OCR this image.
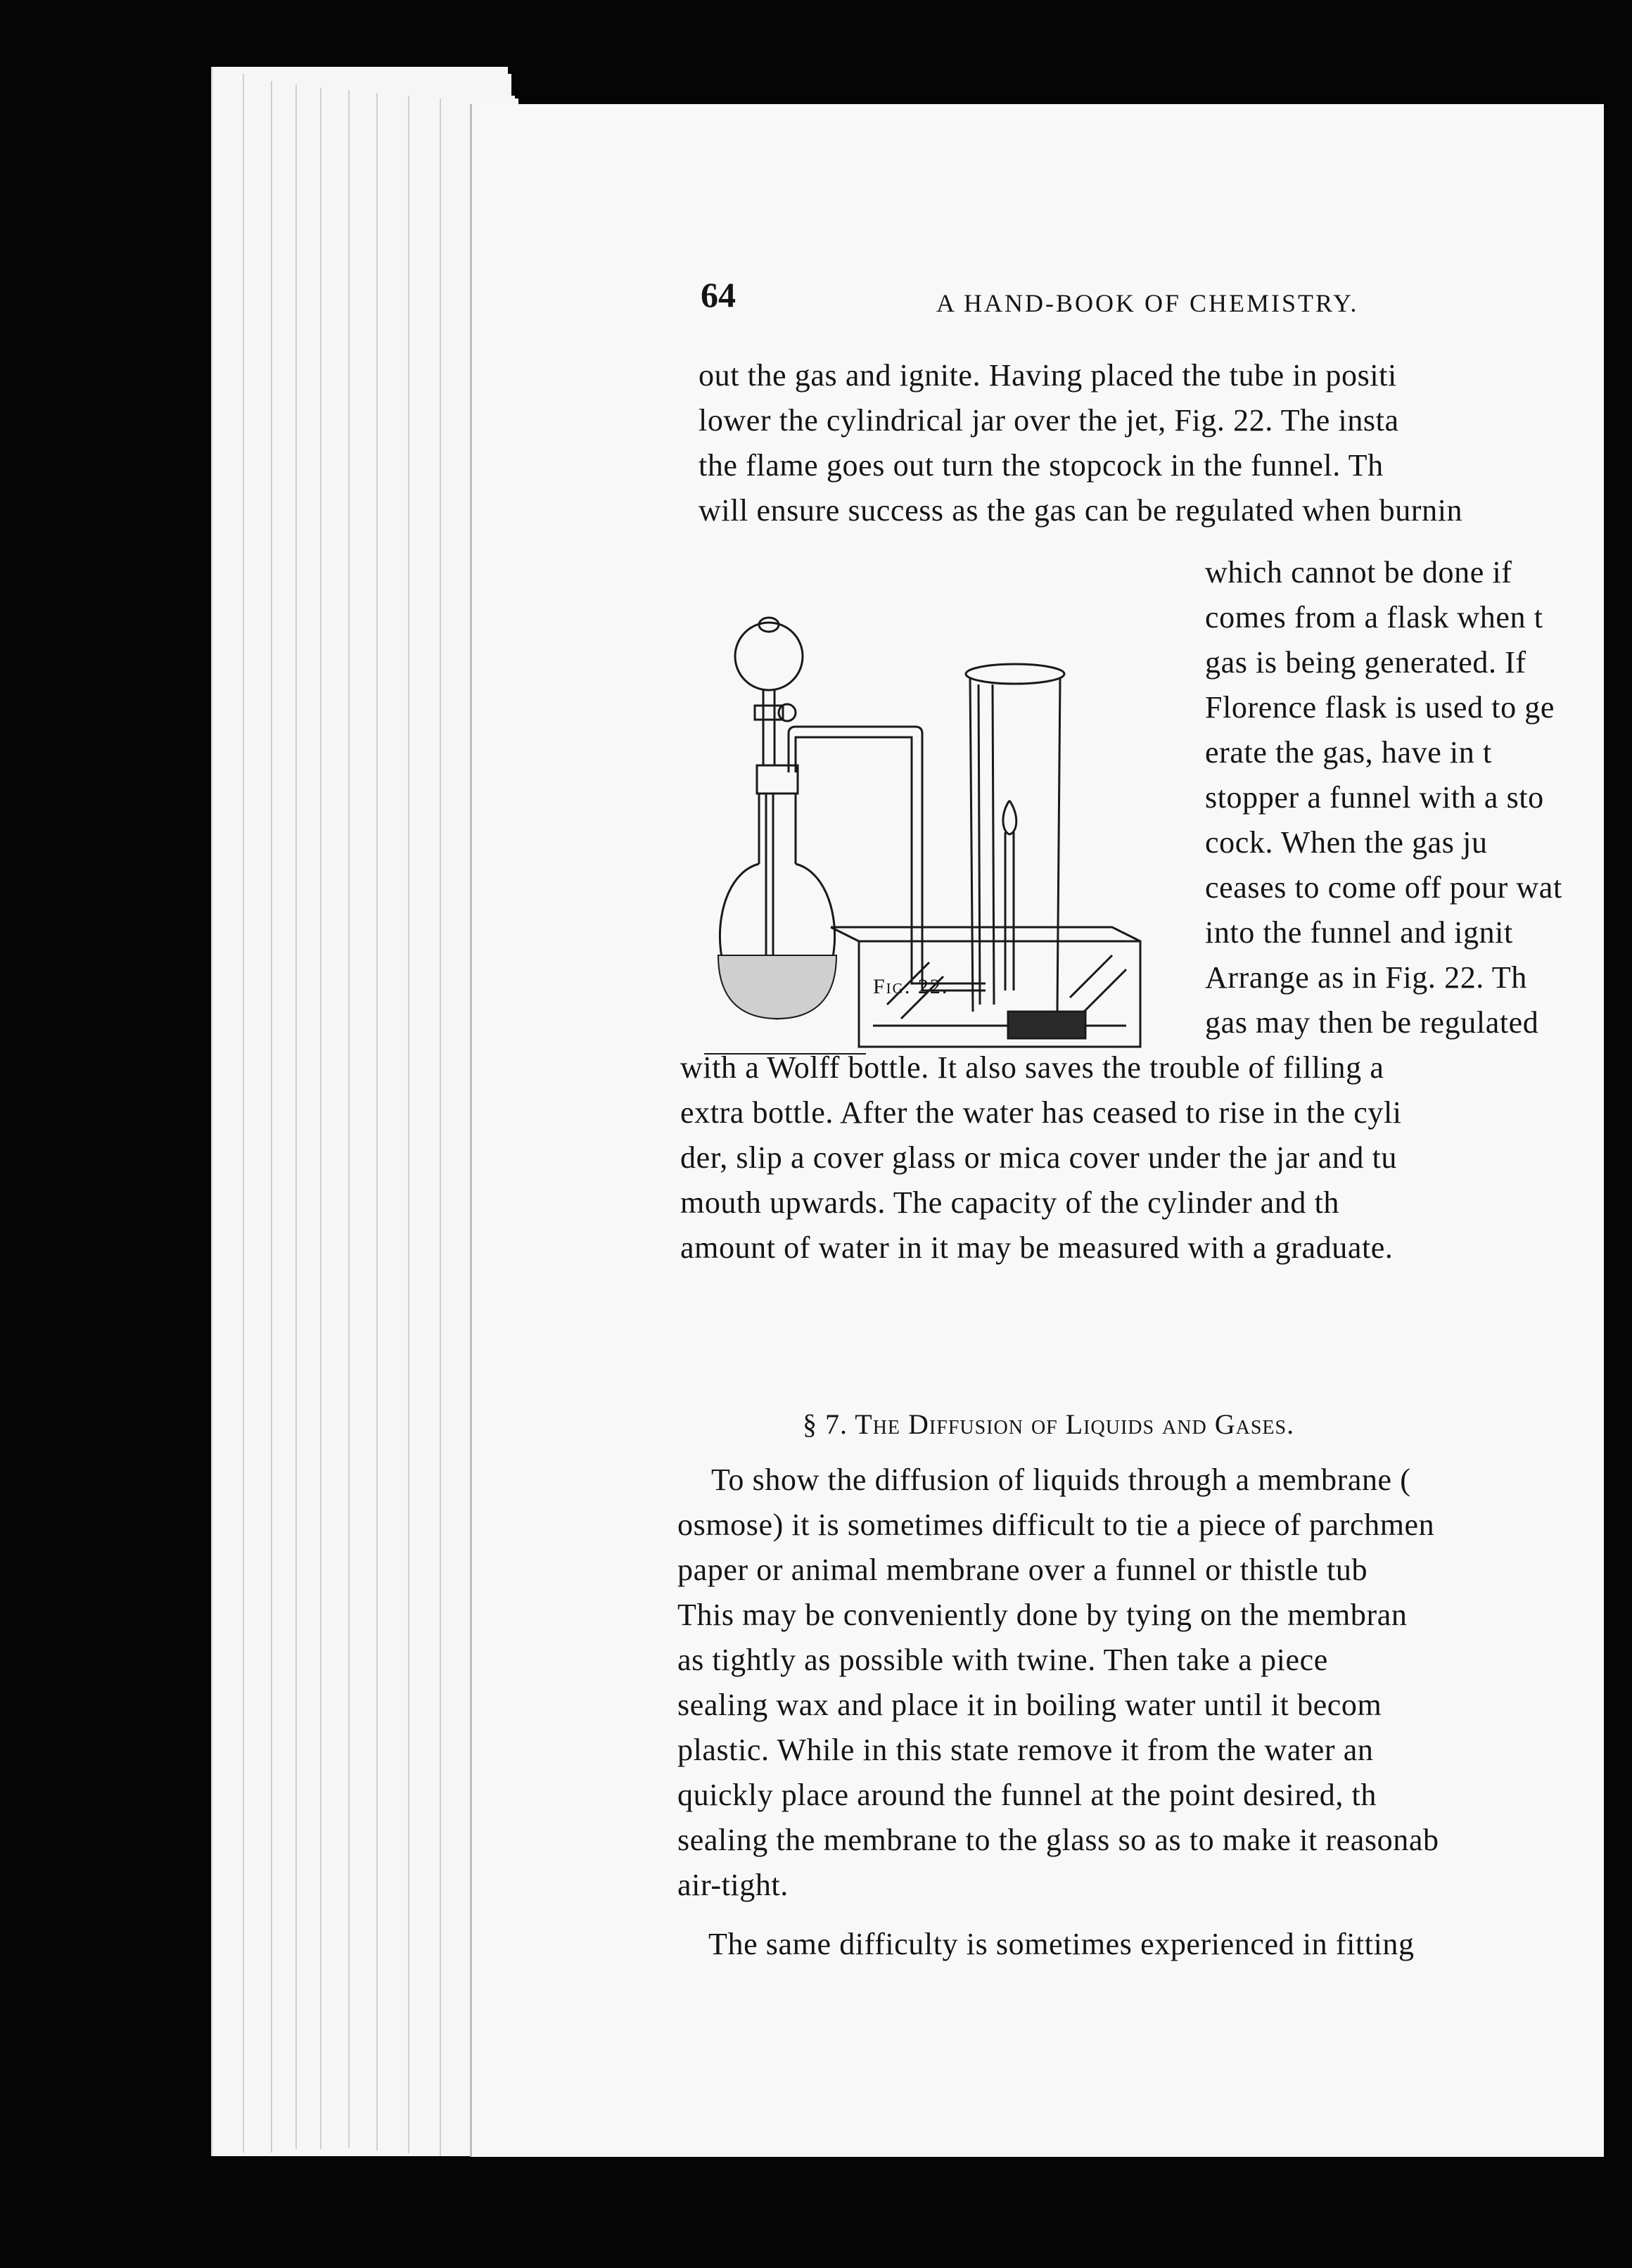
64	A HAND-BOOK OF CHEMISTRY.
out the gas and ignite. Having placed the tube in positi
lower the cylindrical jar over the jet, Fig. 22. The insta
the flame goes out turn the stopcock in the funnel. Th
will ensure success as the gas can be regulated when burnin
which cannot be done if
comes from a flask when t
gas is being generated. If
Florence flask is used to ge
erate the gas, have in t
stopper a funnel with a sto
cock. When the gas ju
ceases to come off pour wat
into the funnel and ignit
Arrange as in Fig. 22. Th
gas may then be regulated
Fig. 22.
with a Wolff bottle. It also saves the trouble of filling a
extra bottle. After the water has ceased to rise in the cyli
der, slip a cover glass or mica cover under the jar and tu
mouth upwards. The capacity of the cylinder and th
amount of water in it may be measured with a graduate.
§ 7. The Diffusion of Liquids and Gases.
To show the diffusion of liquids through a membrane (
osmose) it is sometimes difficult to tie a piece of parchmen
paper or animal membrane over a funnel or thistle tub
This may be conveniently done by tying on the membran
as tightly as possible with twine. Then take a piece
sealing wax and place it in boiling water until it becom
plastic. While in this state remove it from the water an
quickly place around the funnel at the point desired, th
sealing the membrane to the glass so as to make it reasonab
air-tight.
The same difficulty is sometimes experienced in fitting
